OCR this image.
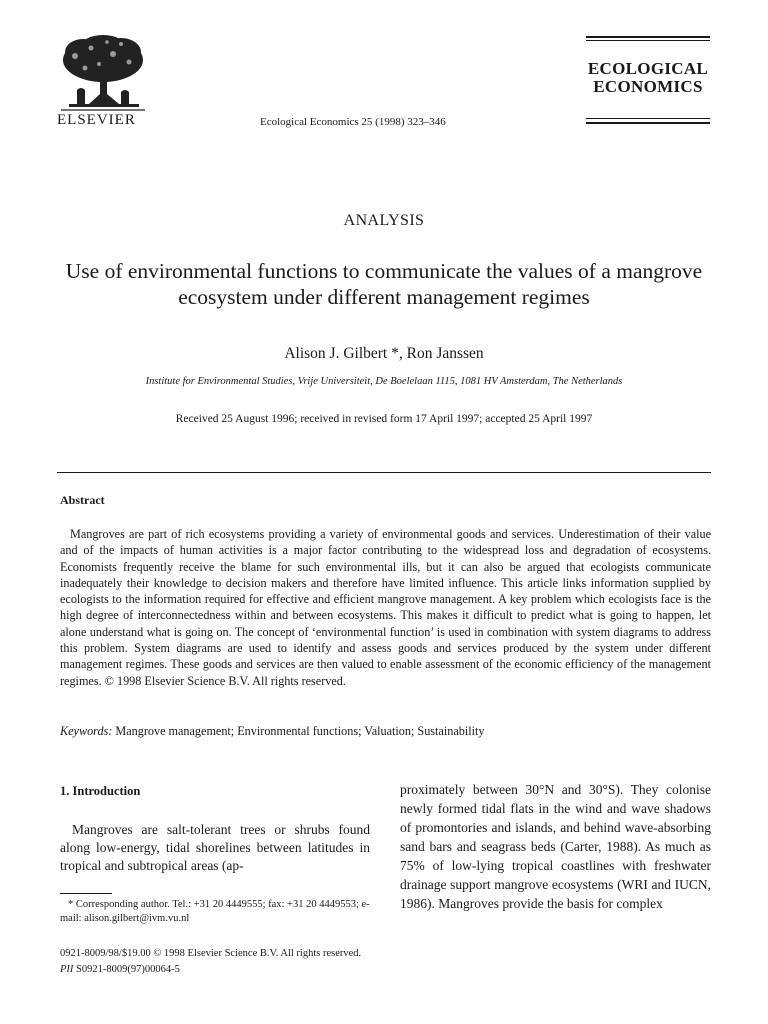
ELSEVIER	Ecological Economics 25 (1998) 323–346
ECOLOGICAL
ECONOMICS
ANALYSIS
Use of environmental functions to communicate the values of a mangrove ecosystem under different management regimes
Alison J. Gilbert *, Ron Janssen
Institute for Environmental Studies, Vrije Universiteit, De Boelelaan 1115, 1081 HV Amsterdam, The Netherlands
Received 25 August 1996; received in revised form 17 April 1997; accepted 25 April 1997
Abstract
Mangroves are part of rich ecosystems providing a variety of environmental goods and services. Underestimation of their value and of the impacts of human activities is a major factor contributing to the widespread loss and degradation of ecosystems. Economists frequently receive the blame for such environmental ills, but it can also be argued that ecologists communicate inadequately their knowledge to decision makers and therefore have limited influence. This article links information supplied by ecologists to the information required for effective and efficient mangrove management. A key problem which ecologists face is the high degree of interconnectedness within and between ecosystems. This makes it difficult to predict what is going to happen, let alone understand what is going on. The concept of ‘environmental function’ is used in combination with system diagrams to address this problem. System diagrams are used to identify and assess goods and services produced by the system under different management regimes. These goods and services are then valued to enable assessment of the economic efficiency of the management regimes. © 1998 Elsevier Science B.V. All rights reserved.
Keywords: Mangrove management; Environmental functions; Valuation; Sustainability
1. Introduction
Mangroves are salt-tolerant trees or shrubs found along low-energy, tidal shorelines between latitudes in tropical and subtropical areas (ap-
* Corresponding author. Tel.: +31 20 4449555; fax: +31 20 4449553; e-mail: alison.gilbert@ivm.vu.nl
proximately between 30°N and 30°S). They colonise newly formed tidal flats in the wind and wave shadows of promontories and islands, and behind wave-absorbing sand bars and seagrass beds (Carter, 1988). As much as 75% of low-lying tropical coastlines with freshwater drainage support mangrove ecosystems (WRI and IUCN, 1986). Mangroves provide the basis for complex
0921-8009/98/$19.00 © 1998 Elsevier Science B.V. All rights reserved.
PII S0921-8009(97)00064-5
